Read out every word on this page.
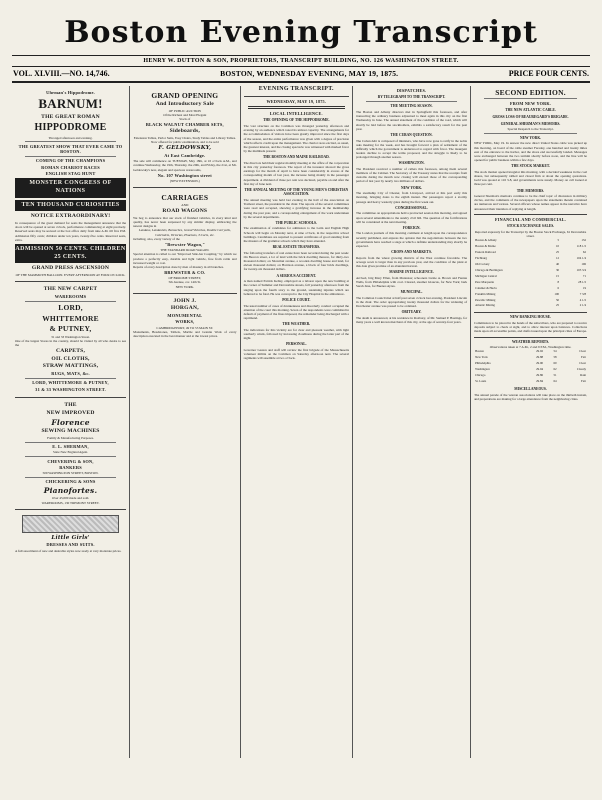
Boston Evening Transcript
HENRY W. DUTTON & SON, PROPRIETORS, TRANSCRIPT BUILDING, NO. 126 WASHINGTON STREET.
VOL. XLVIII.—NO. 14,746.	BOSTON, WEDNESDAY EVENING, MAY 19, 1875.	PRICE FOUR CENTS.
Uhrman's Hippodrome.
BARNUM!
THE GREAT ROMAN
HIPPODROME
Thronged afternoon and evening.
THE GREATEST SHOW THAT EVER CAME TO BOSTON.
COMING OF THE CHAMPIONS
ROMAN CHARIOT RACES
ENGLISH STAG HUNT
MONSTER CONGRESS OF NATIONS
TEN THOUSAND CURIOSITIES
NOTICE EXTRAORDINARY!
In consequence of the great demand for seats the management announce that the doors will be opened at seven o'clock, performance commencing at eight precisely. Reserved seats may be secured at the box office daily from nine A.M. till five P.M. Admission fifty cents; children under ten years, twenty-five cents. Reserved seats, extra.
ADMISSION 50 CENTS. CHILDREN 25 CENTS.
GRAND PRESS ASCENSION
OF THE MAMMOTH BALLOON. EVERY AFTERNOON AT FOUR O'CLOCK.
THE NEW CARPET
WAREROOMS
LORD,
WHITTEMORE
& PUTNEY,
31 and 33 Washington Street.
One of the largest Stores in the country, should be visited by all who desire to see the
CARPETS,
OIL CLOTHS,
STRAW MATTINGS,
RUGS, MATS, &c.
LORD, WHITTEMORE & PUTNEY,
31 & 33 WASHINGTON STREET.
THE
NEW IMPROVED
Florence
SEWING MACHINES
Family & Manufacturing Purposes.
E. L. SHERMAN,
State New England Agent.
CHEVERING & SON,
BANKERS
509 WASHINGTON STREET, BOSTON.
CHICKERING & SONS
Pianofortes.
Over 45,000 made and sold.
WAREROOMS, 130 TREMONT STREET.
Little Girls'
DRESSES AND SUITS.
A full assortment of new and desirable styles now ready at very moderate prices.
GRAND OPENING
And Introductory Sale
OF PUBLIC AUCTION
Of the Richest and Most Elegant
Stock of
BLACK WALNUT CHAMBER SETS,
Sideboards,
Extension Tables, Parlor Suits, Easy Chairs, Study Tables and Library Tables.
Now offered for public examination, and to be sold
F. GELDOWSKY,
At East Cambridge.
The sale will commence on TUESDAY, May 18th, at 10 o'clock A.M., and continue Wednesday, the 19th, Thursday, the 20th, and Friday, the 21st, at Mr. Geldowsky's new, elegant and spacious warerooms,
No. 107 Washington street
(NEW EXTENSION.)
CARRIAGES
AND
ROAD WAGONS
We beg to announce that our stock of finished vehicles, in every kind and quality, has never been surpassed by any similar display, embracing the newest designs in
Landaus, Landaulets, Barouches, Grand Victorias, Double Carryalls, Cabriolets, Victorias, Phaetons, T-Carts, etc.
including, also, every variety of the
"Brewster Wagon,"
THE STANDARD ROAD WAGON.
Special attention is called to our "Improved Side-bar Coupling," by which we produce a perfectly easy, durable and light vehicle, free from rattle and increased weight or cost.
Repairs of every description done by men of mastery in all branches.
BREWSTER & CO.
OF BROOME STREET,
5th Avenue, cor. 14th St.
NEW YORK.
JOHN J.
HORGAN,
MONUMENTAL
WORKS,
CAMBRIDGEPORT, 49 TO 53 MAIN ST.
Monuments, Headstones, Tablets, Marble and Granite Work of every description executed in the best manner and at the lowest prices.
EVENING TRANSCRIPT.
WEDNESDAY, MAY 19, 1875.
LOCAL INTELLIGENCE.
THE OPENING OF THE HIPPODROME.
The vast structure on the Common was thronged yesterday afternoon and evening by an audience which taxed its utmost capacity. The arrangements for the accommodation of visitors have been greatly improved since the first days of the season, and the entire performance was given with a degree of precision which reflects credit upon the management. The chariot races excited, as usual, the greatest interest, and the closing spectacle was witnessed with marked favor by the multitude present.
THE BOSTON AND MAINE RAILROAD.
The directors held their regular monthly meeting at the office of the corporation in this city yesterday forenoon. The report of the treasurer showed the gross earnings for the month of April to have been considerably in excess of the corresponding month of last year, the increase being mainly in the passenger department. A dividend of three per cent was declared, payable on and after the first day of June next.
THE ANNUAL MEETING OF THE YOUNG MEN'S CHRISTIAN ASSOCIATION.
The annual meeting was held last evening in the hall of the association on Tremont street, the president in the chair. The reports of the several committees were read and accepted, showing a gratifying increase in the membership during the past year, and a corresponding enlargement of the work undertaken by the several departments.
THE PUBLIC SCHOOLS.
The examination of candidates for admission to the Latin and English High Schools will begin on Monday next, at nine o'clock, in the respective school buildings. Candidates are required to present certificates of good standing from the masters of the grammar schools which they have attended.
REAL ESTATE TRANSFERS.
The following transfers of real estate have been recorded during the past week: On Beacon street, a lot of land with the brick dwelling thereon, for thirty-two thousand dollars; on Shawmut avenue, a wooden dwelling house and land, for eleven thousand dollars; on Harrison avenue, a block of four brick dwellings, for twenty-six thousand dollars.
A SERIOUS ACCIDENT.
A man named Patrick Kelley, employed as a laborer upon the new building at the corner of Summer and Devonshire streets, fell yesterday afternoon from the staging upon the fourth story to the ground, sustaining injuries which are believed to be fatal. He was conveyed to the City Hospital in the ambulance.
POLICE COURT.
The usual number of cases of drunkenness and disorderly conduct occupied the attention of the court this morning. Seven of the respondents were committed in default of payment of the fines imposed, the remainder being discharged with a reprimand.
THE WEATHER.
The indications for this vicinity are for clear and pleasant weather, with light southerly winds, followed by increasing cloudiness during the latter part of the night.
PERSONAL.
Governor Gaston and staff will review the first brigade of the Massachusetts volunteer militia on the Common on Saturday afternoon next. The several regiments will assemble at two o'clock.
DISPATCHES.
BY TELEGRAPH TO THE TRANSCRIPT.
THE MEETING SEASON.
The Boston and Albany directors met in Springfield this forenoon, and after transacting the ordinary business adjourned to meet again in this city on the first Wednesday in June. The annual statement of the condition of the road, which will shortly be laid before the stockholders, exhibits a satisfactory result for the past year.
THE CUBAN QUESTION.
The Cuban debt is composed of ministers, who have now gone to ratify in the noble asks meeting for the week, and has brought forward a plan of settlement of the difficulty which the government is understood to regard with favor. The insurgent leaders decline to accept the terms proposed, and the struggle is likely to be prolonged through another season.
WASHINGTON.
The President received a number of callers this forenoon, among them several members of the Cabinet. The Secretary of the Treasury states that the receipts from customs during the month now closing will exceed those of the corresponding period of last year by nearly two millions of dollars.
NEW YORK.
The steamship City of Chester, from Liverpool, arrived at this port early this morning, bringing dates to the eighth instant. Her passengers report a stormy passage and heavy westerly gales during the first week out.
CONGRESSIONAL.
The committee on appropriations held a protracted session this morning, and agreed upon several amendments to the sundry civil bill. The question of the fortifications will be considered at the next meeting.
FOREIGN.
The London journals of this morning comment at length upon the correspondence recently published, and express the opinion that the negotiations between the two governments have reached a stage at which a definite understanding may shortly be expected.
CROPS AND MARKETS.
Reports from the wheat growing districts of the West continue favorable. The acreage sown is larger than in any previous year, and the condition of the plant at this date gives promise of an abundant harvest.
MARINE INTELLIGENCE.
Arrived, brig Mary Ellen, from Matanzas; schooners Lizzie A. Brown and Fannie Wells, from Philadelphia with coal. Cleared, steamer Glaucus, for New York; bark Sarah Jane, for Buenos Ayres.
MUNICIPAL.
The Common Council met at half past seven o'clock last evening, President Lincoln in the chair. The order appropriating twenty thousand dollars for the widening of Dorchester avenue was passed to be ordained.
OBITUARY.
The death is announced, at his residence in Roxbury, of Mr. Samuel P. Hastings, for many years a well known merchant of this city, at the age of seventy-four years.
SECOND EDITION.
FROM NEW YORK.
THE NEW ATLANTIC CABLE.
GROSS LOSS OF BEAUREGARD'S BRIGADE.
GENERAL SHERMAN'S MEMOIRS.
Special Despatch to the Transcript.
NEW YORK.
NEW YORK, May 19. In answer the new direct United States cable was picked up this morning, on board of the cable steamer Faraday, one hundred and twenty miles east of the entrance to the harbor, and the shore end successfully landed. Messages were exchanged between the two termini shortly before noon, and the line will be opened for public business within a few days.
THE STOCK MARKET.
The stock market opened irregular this morning, with a decided weakness in the coal shares, but subsequently rallied and closed firm at about the opening quotations. Gold was quoted at 116 3-8, and governments were steady. Money on call loaned at three per cent.
THE MEMOIRS.
General Sherman's memoirs continue to be the chief topic of discussion in military circles, and the comments of the newspapers upon the statements therein contained are numerous and various. Several officers whose names appear in the narrative have announced their intention of replying at length.
FINANCIAL AND COMMERCIAL.
STOCK EXCHANGE SALES.
Reported expressly for the Transcript by the Boston Stock Exchange, 61 Devonshire street.
Boston & Albany	5	132
Boston & Maine	10	118 1/2
Eastern Railroad	25	62
Fitchburg	12	104 1/4
Old Colony	40	106
Chicago & Burlington	30	103 3/4
Michigan Central	15	71
Pere Marquette	8	28 1/2
Calumet & Hecla	6	19
Franklin Mining	100	7 3/8
Pewabic Mining	50	4 1/2
Atlantic Mining	25	2 1/4
NEW BANKING HOUSE.
Commission to be placed in the hands of the subscribers, who are prepared to receive deposits subject to check at sight, and to allow interest upon balances. Collections made upon all accessible points, and drafts issued upon the principal cities of Europe.
WEATHER REPORTS.
Observations taken at 7 A.M., 2 and 9 P.M., Washington time.
Boston	29.92	54	Clear
New York	29.88	58	Fair
Philadelphia	29.90	60	Clear
Washington	29.94	62	Cloudy
Chicago	29.86	51	Rain
St. Louis	29.84	64	Fair
MISCELLANEOUS.
The annual parade of the veteran associations will take place on the thirtieth instant, and preparations are making for a large attendance from the neighboring cities.
